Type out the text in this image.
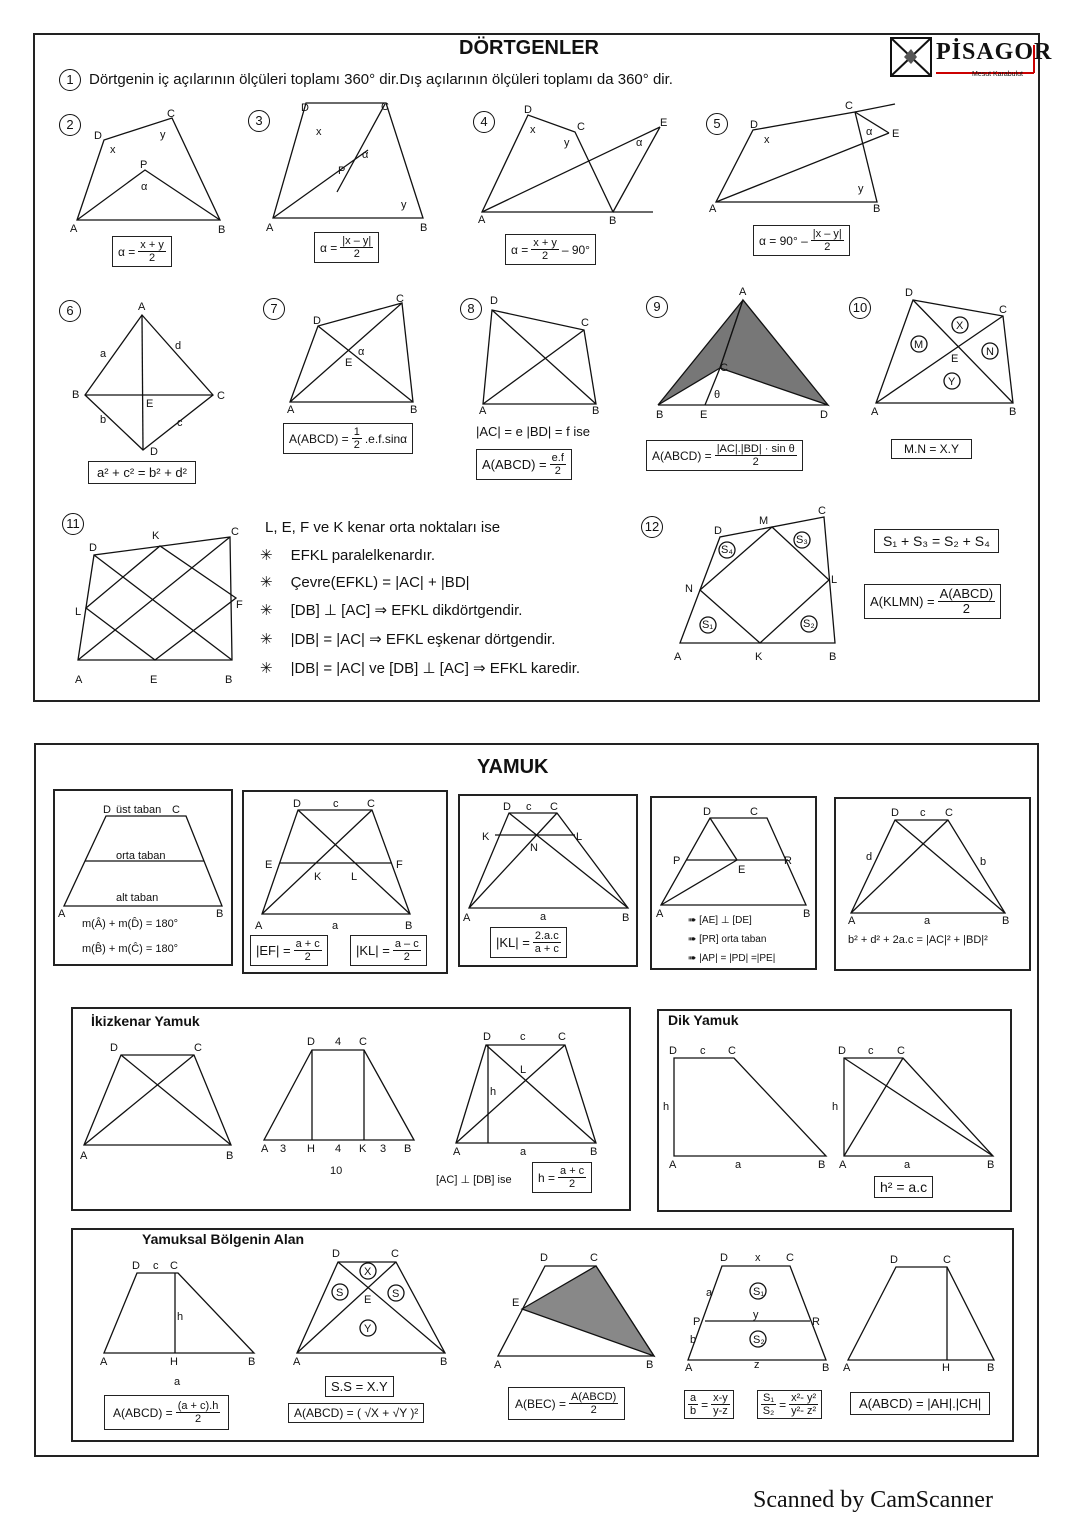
A	B
C
D
P
x
y
α
A	B
C
D
P
x
y
α
A	B
C
D
E
x
y	α
A	B
C
D
E
x
y
α
A
B	C
D
E
a
d
b	c
A	B
C
D
E
α
A	B
C
D
A
B
C
D
E
θ
A	B
C
D
E
X
M
N
Y
A	B
C
D
E
F
K
L
A	B
C
D
K
L
M
N
S₁	S₂
S₃
S₄
A	B
D	C
A	B
C
D	c
a
E	F
K	L
A	B
D c C
K	L
N
a	A	B
D	C
P	R
E
A	B
D c C
d	b
a
A	B
D	C
A 3 H 4 K 3 B
10
D 4 C
A	B
D	c	C
h
L
a
A	B
D c C
h
a	A	B
D c C
h
a
A	B
D c C
h
H
a
A	B
D	C
E
X
S	S
Y
A	B
D	C
E
A	B
D x C
P	R
y
z
a
b
S₁
S₂
A	B
D	C
H
DÖRTGENLER	PİSAGOR
Mesut Karabulut
1	Dörtgenin iç açılarının ölçüleri toplamı 360° dir.Dış açılarının ölçüleri toplamı da 360° dir.
2	3	4	5
6	7	8	9	10
11	12
$\alpha = \frac{x + y}{2}$	$\alpha = \frac{|x - y|}{2}$	$\alpha = \frac{x + y}{2} - 90^\circ$
$\alpha = 90^\circ - \frac{|x - y|}{2}$
a² + c² = b² + d²
A(ABCD) = $\frac{1}{2} .e.f.\sin\alpha$	|AC| = e |BD| = f ise
A(ABCD) = $\frac{e.f}{2}$	A(ABCD) = $\frac{\text{|AC|.|BD| · sin θ}}{2}$	M.N = X.Y
L, E, F ve K kenar orta noktaları ise
✳ EFKL paralelkenardır.
✳ Çevre(EFKL) = |AC| + |BD|
✳ [DB] ⊥ [AC] ⇒ EFKL dikdörtgendir.
✳ |DB| = |AC| ⇒ EFKL eşkenar dörtgendir.
✳ |DB| = |AC| ve [DB] ⊥ [AC] ⇒ EFKL karedir.
S₁ + S₃ = S₂ + S₄
A(KLMN) = $\frac{\text{A(ABCD)}}{2}$
YAMUK
üst taban
orta taban
alt taban
m(Â) + m(D̂) = 180°
m(B̂) + m(Ĉ) = 180°	$|EF| = \frac{a + c}{2}$	$|KL| = \frac{a - c}{2}$	$|KL| = \frac{2.a.c}{a + c}$
➠ [AE] ⊥ [DE]
➠ [PR] orta taban
➠ |AP| = |PD| =|PE|
b² + d² + 2a.c = |AC|² + |BD|²
İkizkenar Yamuk
[AC] ⊥ [DB] ise $h = \frac{a + c}{2}$
Dik Yamuk
h² = a.c
Yamuksal Bölgenin Alan
A(ABCD) = $\frac{(a + c).h}{2}$
S.S = X.Y
A(ABCD) = ( √X + √Y )²
$A(BEC) = \frac{\text{A(ABCD)}}{2}$	$\frac{a}{b} = \frac{x-y}{y-z}$	$\frac{\text{S₁}}{\text{S₂}} = \frac{\text{x²- y²}}{\text{y²- z²}}$	A(ABCD) = |AH|.|CH|
Scanned by CamScanner
